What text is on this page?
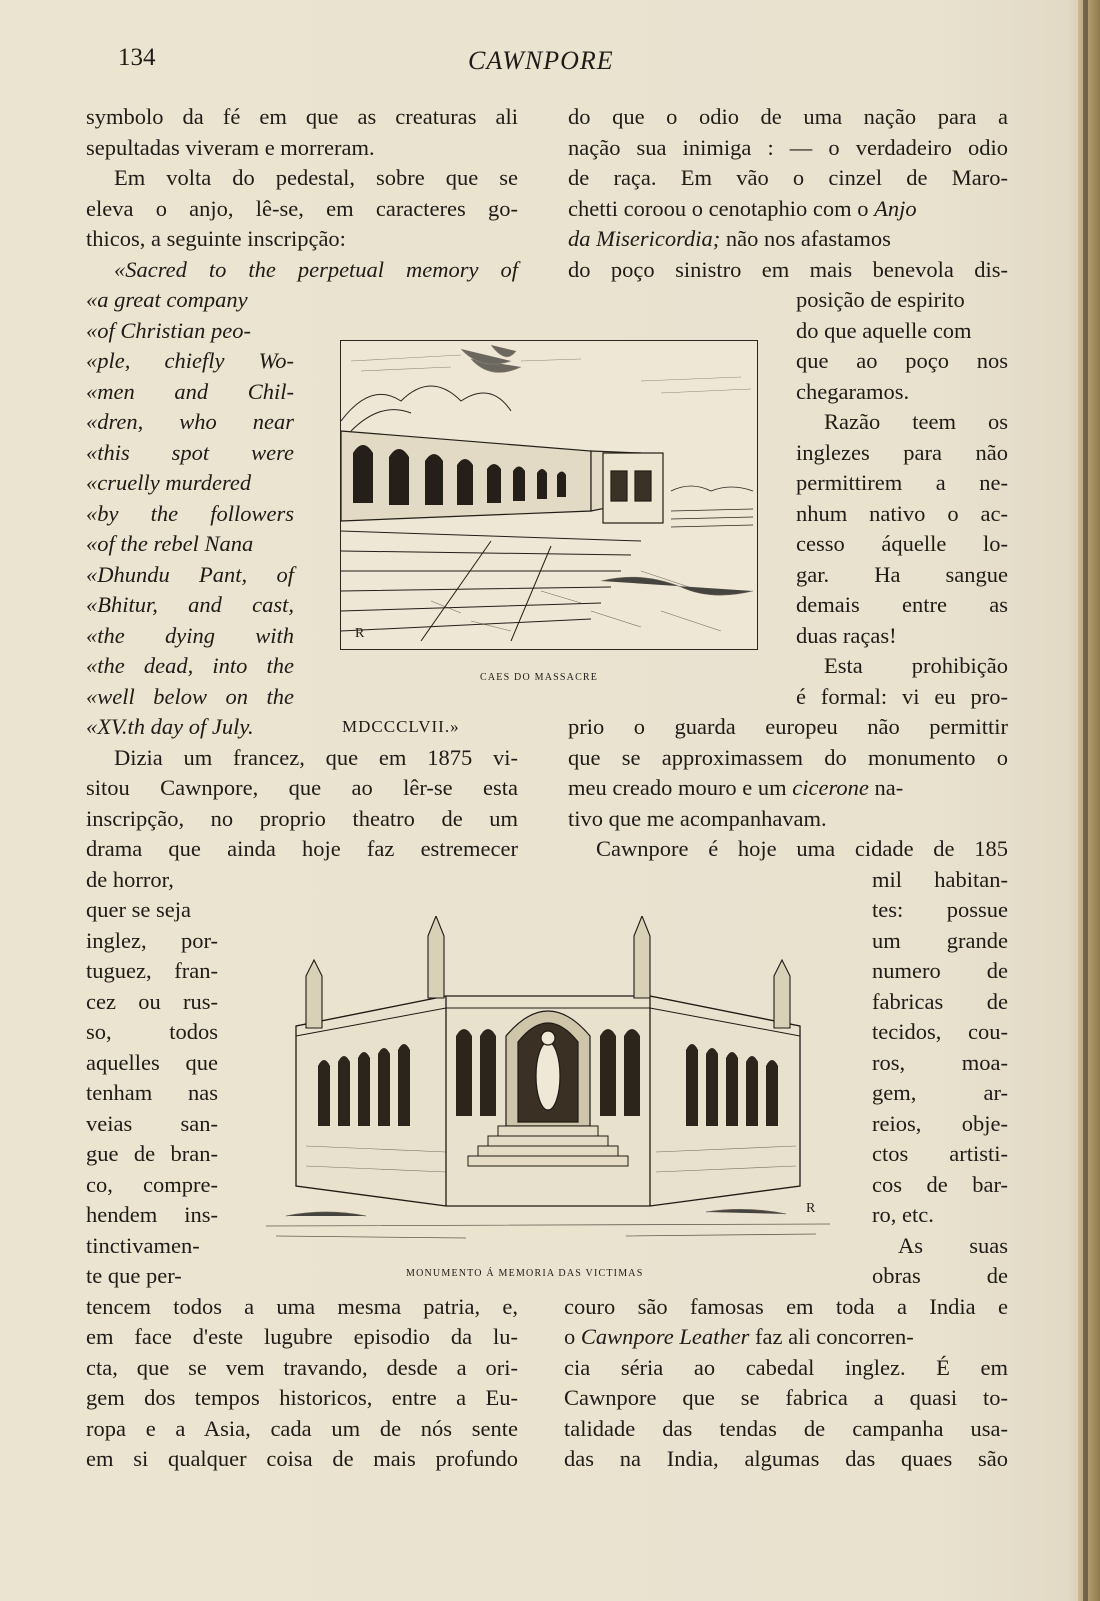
134	CAWNPORE
symbolo da fé em que as creaturas ali
sepultadas viveram e morreram.
Em volta do pedestal, sobre que se
eleva o anjo, lê-se, em caracteres go-
thicos, a seguinte inscripção:
«Sacred to the perpetual memory of
«a great company
«of Christian peo-
«ple, chiefly Wo-
«men and Chil-
«dren, who near
«this spot were
«cruelly murdered
«by the followers
«of the rebel Nana
«Dhundu Pant, of
«Bhitur, and cast,
«the dying with
«the dead, into the
«well below on the
«XV.th day of July.	MDCCCLVII.»
Dizia um francez, que em 1875 vi-
sitou Cawnpore, que ao lêr-se esta
inscripção, no proprio theatro de um
drama que ainda hoje faz estremecer
de horror,
quer se seja
inglez, por-
tuguez, fran-
cez ou rus-
so, todos
aquelles que
tenham nas
veias san-
gue de bran-
co, compre-
hendem ins-
tinctivamen-
te que per-
tencem todos a uma mesma patria, e,
em face d'este lugubre episodio da lu-
cta, que se vem travando, desde a ori-
gem dos tempos historicos, entre a Eu-
ropa e a Asia, cada um de nós sente
em si qualquer coisa de mais profundo
do que o odio de uma nação para a
nação sua inimiga : — o verdadeiro odio
de raça. Em vão o cinzel de Maro-
chetti coroou o cenotaphio com o Anjo
da Misericordia; não nos afastamos
do poço sinistro em mais benevola dis-
posição de espirito
do que aquelle com
que ao poço nos
chegaramos.
Razão teem os
inglezes para não
permittirem a ne-
nhum nativo o ac-
cesso áquelle lo-
gar. Ha sangue
demais entre as
duas raças!
Esta prohibição
é formal: vi eu pro-
prio o guarda europeu não permittir
que se approximassem do monumento o
meu creado mouro e um cicerone na-
tivo que me acompanhavam.
Cawnpore é hoje uma cidade de 185
mil habitan-
tes: possue
um grande
numero de
fabricas de
tecidos, cou-
ros, moa-
gem, ar-
reios, obje-
ctos artisti-
cos de bar-
ro, etc.
As suas
obras de
couro são famosas em toda a India e
o Cawnpore Leather faz ali concorren-
cia séria ao cabedal inglez. É em
Cawnpore que se fabrica a quasi to-
talidade das tendas de campanha usa-
das na India, algumas das quaes são
R
CAES DO MASSACRE
R
MONUMENTO Á MEMORIA DAS VICTIMAS
